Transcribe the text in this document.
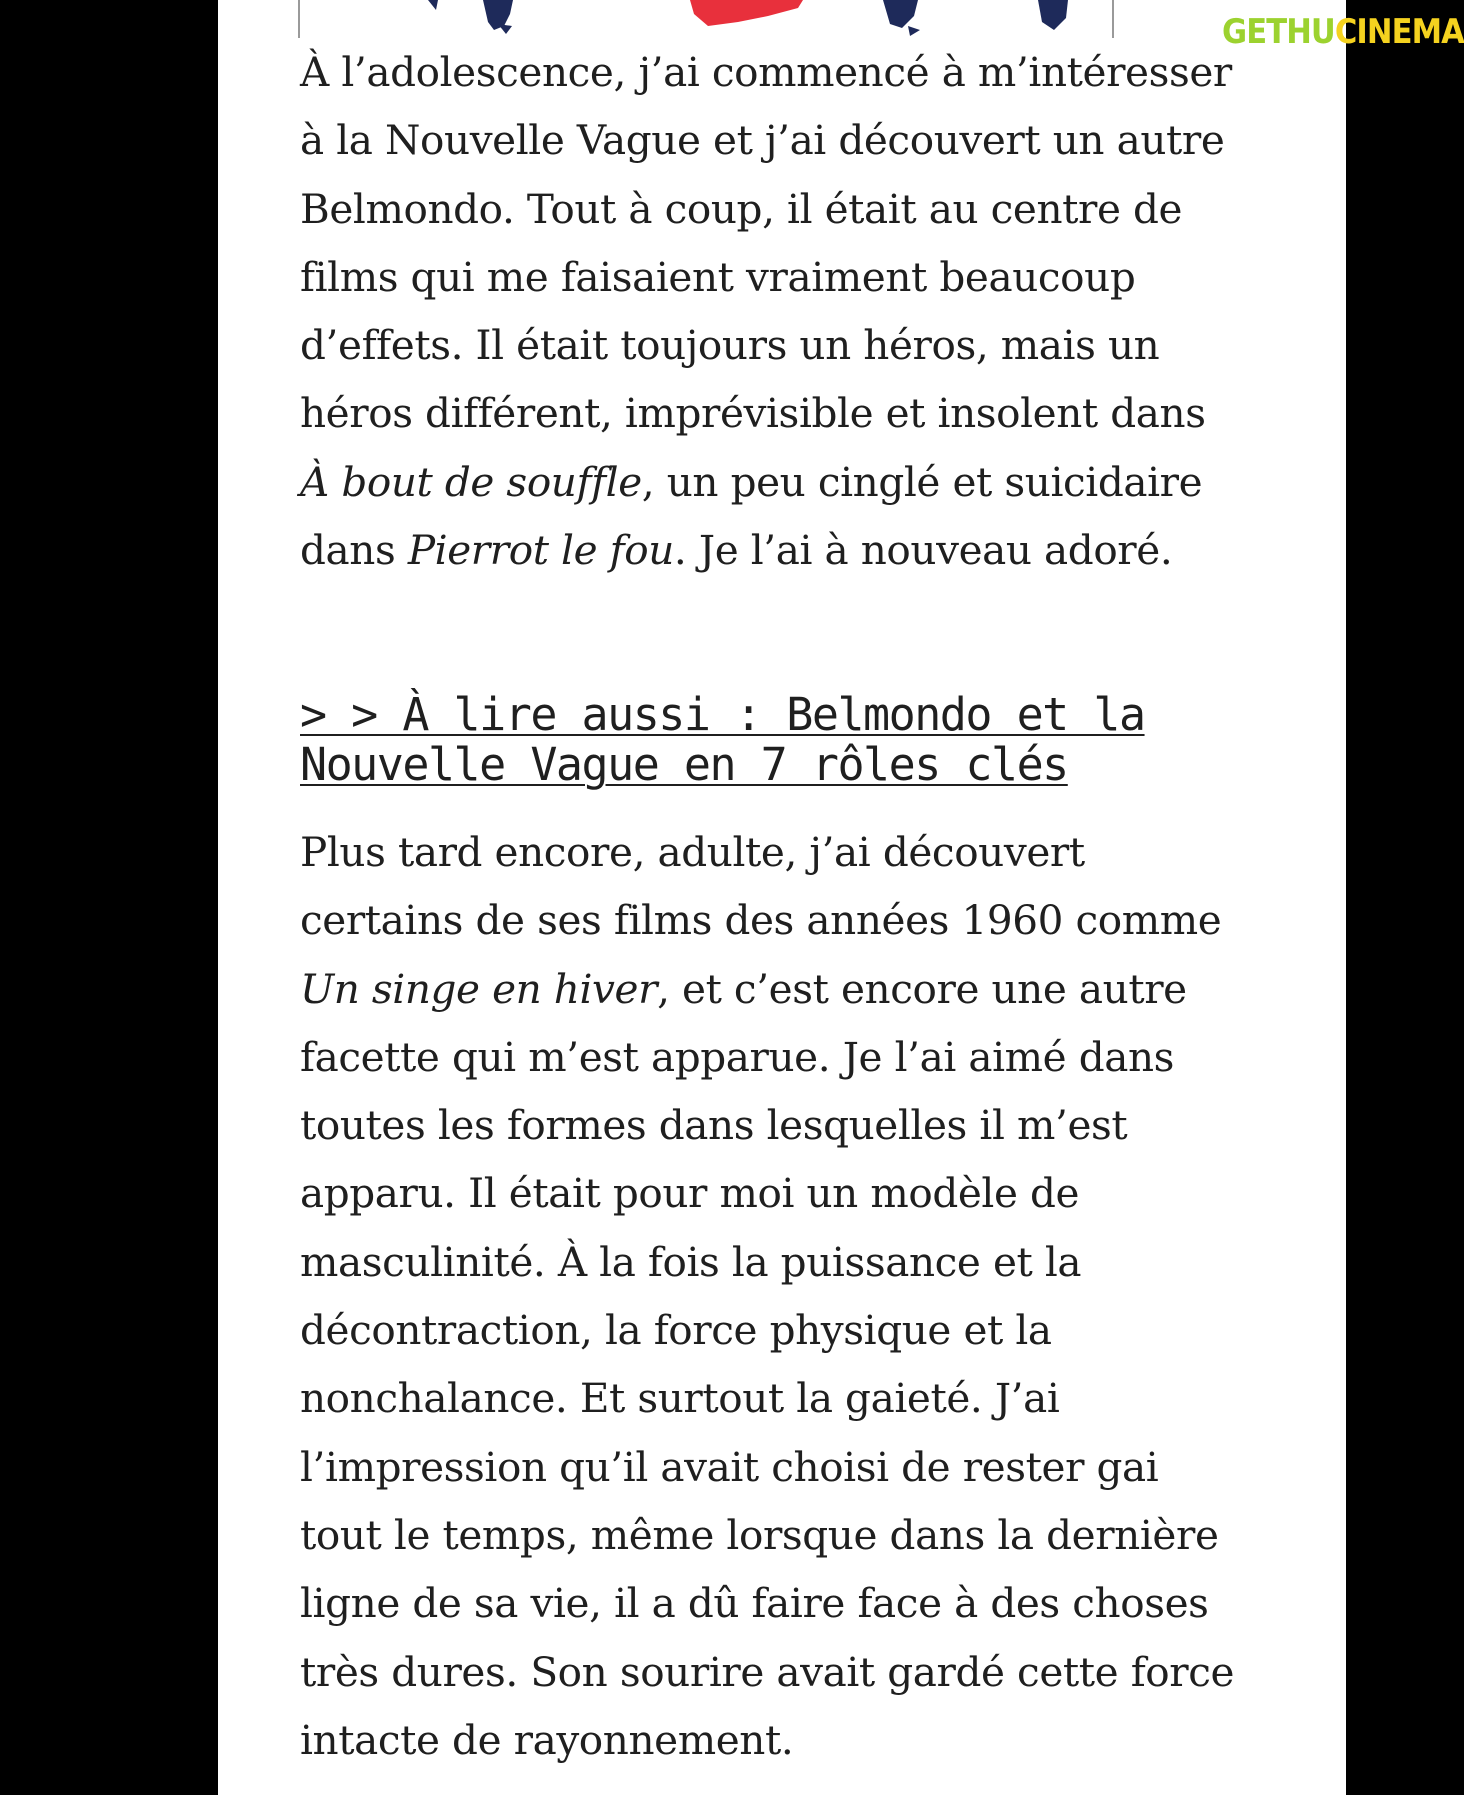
À l’adolescence, j’ai commencé à m’intéresser
à la Nouvelle Vague et j’ai découvert un autre
Belmondo. Tout à coup, il était au centre de
films qui me faisaient vraiment beaucoup
d’effets. Il était toujours un héros, mais un
héros différent, imprévisible et insolent dans
À bout de souffle, un peu cinglé et suicidaire
dans Pierrot le fou. Je l’ai à nouveau adoré.

> > À lire aussi : Belmondo et la
Nouvelle Vague en 7 rôles clés

Plus tard encore, adulte, j’ai découvert
certains de ses films des années 1960 comme
Un singe en hiver, et c’est encore une autre
facette qui m’est apparue. Je l’ai aimé dans
toutes les formes dans lesquelles il m’est
apparu. Il était pour moi un modèle de
masculinité. À la fois la puissance et la
décontraction, la force physique et la
nonchalance. Et surtout la gaieté. J’ai
l’impression qu’il avait choisi de rester gai
tout le temps, même lorsque dans la dernière
ligne de sa vie, il a dû faire face à des choses
très dures. Son sourire avait gardé cette force
intacte de rayonnement.

GETHU CINEMA
